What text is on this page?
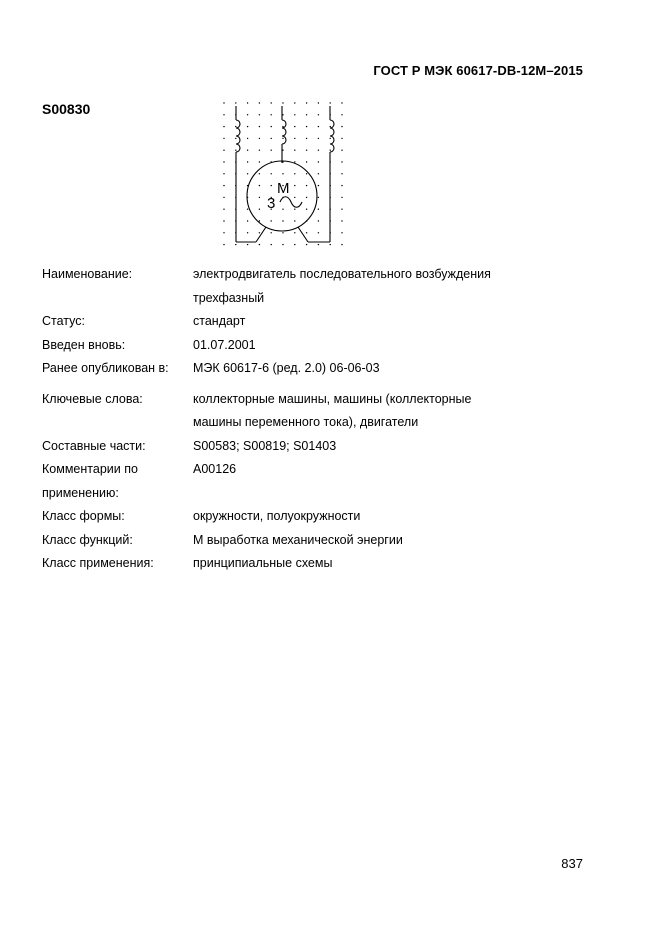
ГОСТ Р МЭК 60617-DB-12M–2015
S00830
M
3
Наименование:	электродвигатель последовательного возбуждения
трехфазный
Статус:	стандарт
Введен вновь:	01.07.2001
Ранее опубликован в:	МЭК 60617-6 (ред. 2.0) 06-06-03
Ключевые слова:	коллекторные машины, машины (коллекторные
машины переменного тока), двигатели
Составные части:	S00583; S00819; S01403
Комментарии по	A00126
применению:
Класс формы:	окружности, полуокружности
Класс функций:	M выработка механической энергии
Класс применения:	принципиальные схемы
837
